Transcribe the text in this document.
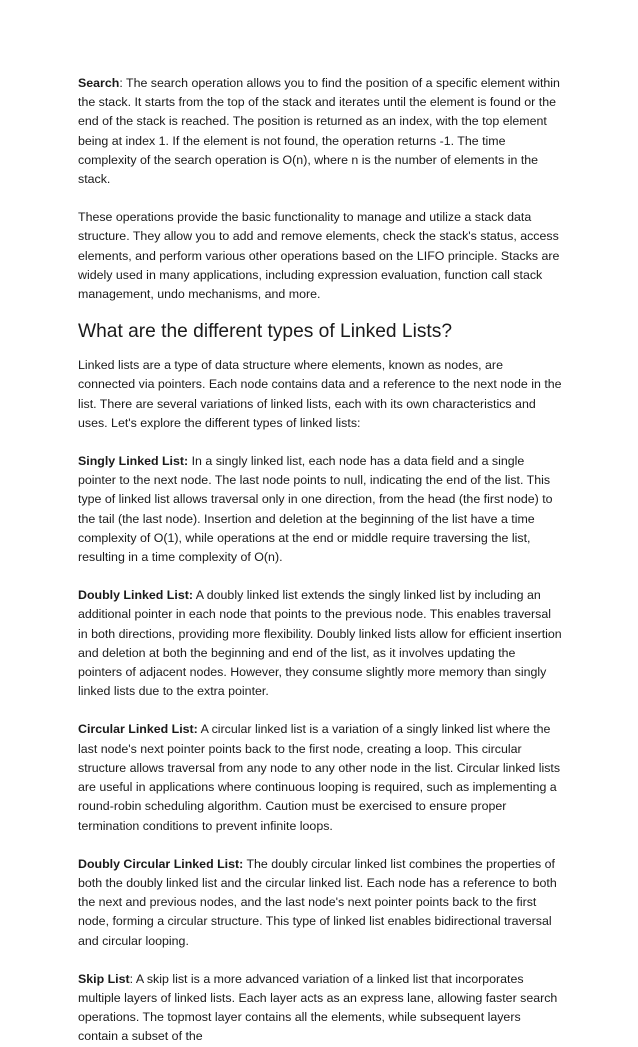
Search: The search operation allows you to find the position of a specific element within the stack. It starts from the top of the stack and iterates until the element is found or the end of the stack is reached. The position is returned as an index, with the top element being at index 1. If the element is not found, the operation returns -1. The time complexity of the search operation is O(n), where n is the number of elements in the stack.

These operations provide the basic functionality to manage and utilize a stack data structure. They allow you to add and remove elements, check the stack's status, access elements, and perform various other operations based on the LIFO principle. Stacks are widely used in many applications, including expression evaluation, function call stack management, undo mechanisms, and more.

What are the different types of Linked Lists?

Linked lists are a type of data structure where elements, known as nodes, are connected via pointers. Each node contains data and a reference to the next node in the list. There are several variations of linked lists, each with its own characteristics and uses. Let's explore the different types of linked lists:

Singly Linked List: In a singly linked list, each node has a data field and a single pointer to the next node. The last node points to null, indicating the end of the list. This type of linked list allows traversal only in one direction, from the head (the first node) to the tail (the last node). Insertion and deletion at the beginning of the list have a time complexity of O(1), while operations at the end or middle require traversing the list, resulting in a time complexity of O(n).

Doubly Linked List: A doubly linked list extends the singly linked list by including an additional pointer in each node that points to the previous node. This enables traversal in both directions, providing more flexibility. Doubly linked lists allow for efficient insertion and deletion at both the beginning and end of the list, as it involves updating the pointers of adjacent nodes. However, they consume slightly more memory than singly linked lists due to the extra pointer.

Circular Linked List: A circular linked list is a variation of a singly linked list where the last node's next pointer points back to the first node, creating a loop. This circular structure allows traversal from any node to any other node in the list. Circular linked lists are useful in applications where continuous looping is required, such as implementing a round-robin scheduling algorithm. Caution must be exercised to ensure proper termination conditions to prevent infinite loops.

Doubly Circular Linked List: The doubly circular linked list combines the properties of both the doubly linked list and the circular linked list. Each node has a reference to both the next and previous nodes, and the last node's next pointer points back to the first node, forming a circular structure. This type of linked list enables bidirectional traversal and circular looping.

Skip List: A skip list is a more advanced variation of a linked list that incorporates multiple layers of linked lists. Each layer acts as an express lane, allowing faster search operations. The topmost layer contains all the elements, while subsequent layers contain a subset of the
